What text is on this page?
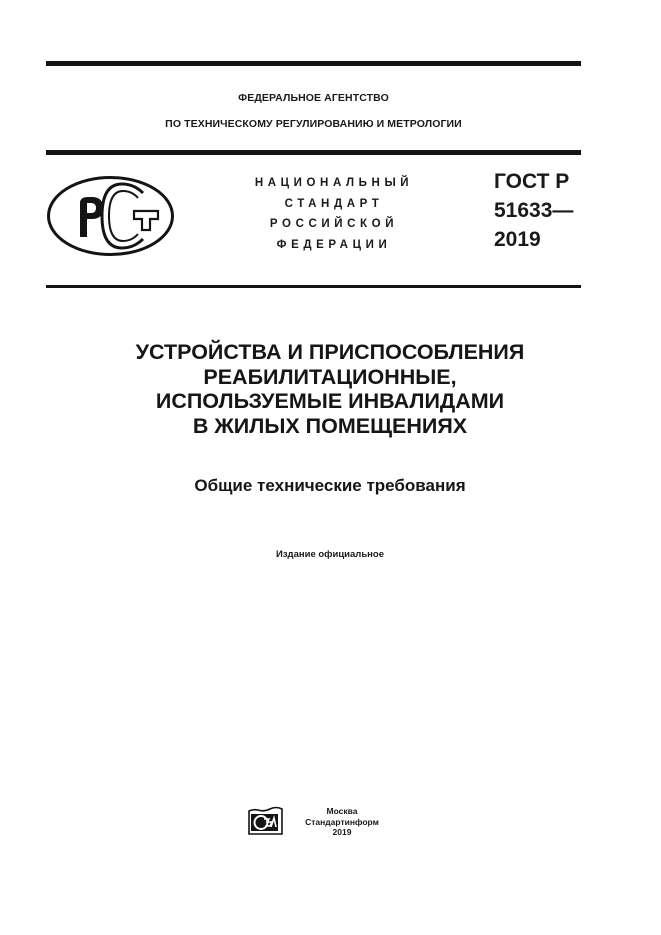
ФЕДЕРАЛЬНОЕ АГЕНТСТВО
ПО ТЕХНИЧЕСКОМУ РЕГУЛИРОВАНИЮ И МЕТРОЛОГИИ
НАЦИОНАЛЬНЫЙ
СТАНДАРТ
РОССИЙСКОЙ
ФЕДЕРАЦИИ
ГОСТ Р
51633—
2019
УСТРОЙСТВА И ПРИСПОСОБЛЕНИЯ
РЕАБИЛИТАЦИОННЫЕ,
ИСПОЛЬЗУЕМЫЕ ИНВАЛИДАМИ
В ЖИЛЫХ ПОМЕЩЕНИЯХ
Общие технические требования
Издание официальное
Москва
Стандартинформ
2019
